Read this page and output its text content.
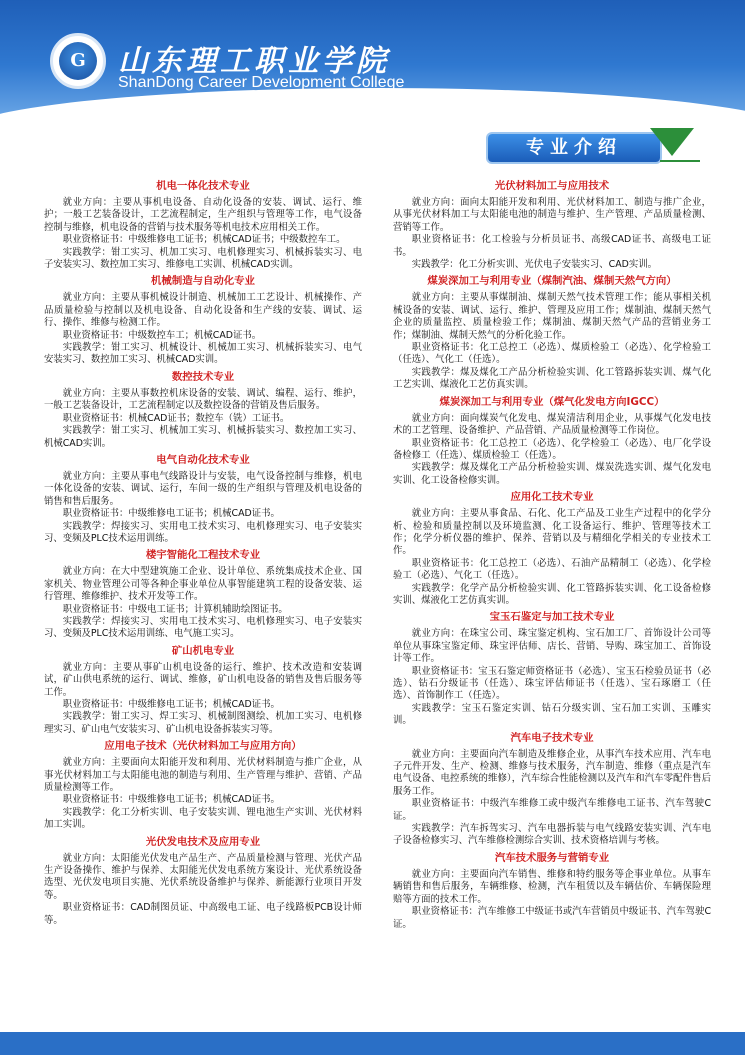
G	山东理工职业学院
ShanDong Career Development College
专业介绍
机电一体化技术专业

就业方向：主要从事机电设备、自动化设备的安装、调试、运行、维护；一般工艺装备设计，工艺流程制定，生产组织与管理等工作，电气设备控制与维修，机电设备的营销与技术服务等机电技术应用相关工作。

职业资格证书：中级维修电工证书；机械CAD证书；中级数控车工。

实践教学：钳工实习、机加工实习、电机修理实习、机械拆装实习、电子安装实习、数控加工实习、维修电工实训、机械CAD实训。

机械制造与自动化专业

就业方向：主要从事机械设计制造、机械加工工艺设计、机械操作、产品质量检验与控制以及机电设备、自动化设备和生产线的安装、调试、运行、操作、维修与检测工作。

职业资格证书：中级数控车工；机械CAD证书。

实践教学：钳工实习、机械设计、机械加工实习、机械拆装实习、电气安装实习、数控加工实习、机械CAD实训。

数控技术专业

就业方向：主要从事数控机床设备的安装、调试、编程、运行、维护，一般工艺装备设计，工艺流程制定以及数控设备的营销及售后服务。

职业资格证书：机械CAD证书；数控车（铣）工证书。

实践教学：钳工实习、机械加工实习、机械拆装实习、数控加工实习、机械CAD实训。

电气自动化技术专业

就业方向：主要从事电气线路设计与安装，电气设备控制与维修，机电一体化设备的安装、调试、运行，车间一级的生产组织与管理及机电设备的销售和售后服务。

职业资格证书：中级维修电工证书；机械CAD证书。

实践教学：焊接实习、实用电工技术实习、电机修理实习、电子安装实习、变频及PLC技术运用训练。

楼宇智能化工程技术专业

就业方向：在大中型建筑施工企业、设计单位、系统集成技术企业、国家机关、物业管理公司等各种企事业单位从事智能建筑工程的设备安装、运行管理、维修维护、技术开发等工作。

职业资格证书：中级电工证书；计算机辅助绘图证书。

实践教学：焊接实习、实用电工技术实习、电机修理实习、电子安装实习、变频及PLC技术运用训练、电气施工实习。

矿山机电专业

就业方向：主要从事矿山机电设备的运行、维护、技术改造和安装调试，矿山供电系统的运行、调试、维修，矿山机电设备的销售及售后服务等工作。

职业资格证书：中级维修电工证书；机械CAD证书。

实践教学：钳工实习、焊工实习、机械制图测绘、机加工实习、电机修理实习、矿山电气安装实习、矿山机电设备拆装实习等。

应用电子技术（光伏材料加工与应用方向）

就业方向：主要面向太阳能开发和利用、光伏材料制造与推广企业，从事光伏材料加工与太阳能电池的制造与利用、生产管理与维护、营销、产品质量检测等工作。

职业资格证书：中级维修电工证书；机械CAD证书。

实践教学：化工分析实训、电子安装实训、锂电池生产实训、光伏材料加工实训。

光伏发电技术及应用专业

就业方向：太阳能光伏发电产品生产、产品质量检测与管理、光伏产品生产设备操作、维护与保养、太阳能光伏发电系统方案设计、光伏系统设备选型、光伏发电项目实施、光伏系统设备维护与保养、新能源行业项目开发等。

职业资格证书：CAD制图员证、中高级电工证、电子线路板PCB设计师等。

光伏材料加工与应用技术

就业方向：面向太阳能开发和利用、光伏材料加工、制造与推广企业，从事光伏材料加工与太阳能电池的制造与维护、生产管理、产品质量检测、营销等工作。

职业资格证书：化工检验与分析员证书、高级CAD证书、高级电工证书。

实践教学：化工分析实训、光伏电子安装实习、CAD实训。

煤炭深加工与利用专业（煤制汽油、煤制天然气方向）

就业方向：主要从事煤制油、煤制天然气技术管理工作；能从事相关机械设备的安装、调试、运行、维护、管理及应用工作；煤制油、煤制天然气企业的质量监控、质量检验工作；煤制油、煤制天然气产品的营销业务工作；煤制油、煤制天然气的分析化验工作。

职业资格证书：化工总控工（必选）、煤质检验工（必选）、化学检验工（任选）、气化工（任选）。

实践教学：煤及煤化工产品分析检验实训、化工管路拆装实训、煤气化工艺实训、煤液化工艺仿真实训。

煤炭深加工与利用专业（煤气化发电方向IGCC）

就业方向：面向煤炭气化发电、煤炭清洁利用企业，从事煤气化发电技术的工艺管理、设备维护、产品营销、产品质量检测等工作岗位。

职业资格证书：化工总控工（必选）、化学检验工（必选）、电厂化学设备检修工（任选）、煤质检验工（任选）。

实践教学：煤及煤化工产品分析检验实训、煤炭洗选实训、煤气化发电实训、化工设备检修实训。

应用化工技术专业

就业方向：主要从事食品、石化、化工产品及工业生产过程中的化学分析、检验和质量控制以及环境监测、化工设备运行、维护、管理等技术工作；化学分析仪器的维护、保养、营销以及与精细化学相关的专业技术工作。

职业资格证书：化工总控工（必选）、石油产品精制工（必选）、化学检验工（必选）、气化工（任选）。

实践教学：化学产品分析检验实训、化工管路拆装实训、化工设备检修实训、煤液化工艺仿真实训。

宝玉石鉴定与加工技术专业

就业方向：在珠宝公司、珠宝鉴定机构、宝石加工厂、首饰设计公司等单位从事珠宝鉴定师、珠宝评估师、店长、营销、导购、珠宝加工、首饰设计等工作。

职业资格证书：宝玉石鉴定师资格证书（必选）、宝玉石检验员证书（必选）、钻石分级证书（任选）、珠宝评估师证书（任选）、宝石琢磨工（任选）、首饰制作工（任选）。

实践教学：宝玉石鉴定实训、钻石分级实训、宝石加工实训、玉雕实训。

汽车电子技术专业

就业方向：主要面向汽车制造及维修企业，从事汽车技术应用、汽车电子元件开发、生产、检测、维修与技术服务，汽车制造、维修（重点是汽车电气设备、电控系统的维修），汽车综合性能检测以及汽车和汽车零配件售后服务工作。

职业资格证书：中级汽车维修工或中级汽车维修电工证书、汽车驾驶C证。

实践教学：汽车拆驾实习、汽车电器拆装与电气线路安装实训、汽车电子设备检修实习、汽车维修检测综合实训、技术资格培训与考核。

汽车技术服务与营销专业

就业方向：主要面向汽车销售、维修和特约服务等企事业单位。从事车辆销售和售后服务，车辆维修、检测，汽车租赁以及车辆估价、车辆保险理赔等方面的技术工作。

职业资格证书：汽车维修工中级证书或汽车营销员中级证书、汽车驾驶C证。
